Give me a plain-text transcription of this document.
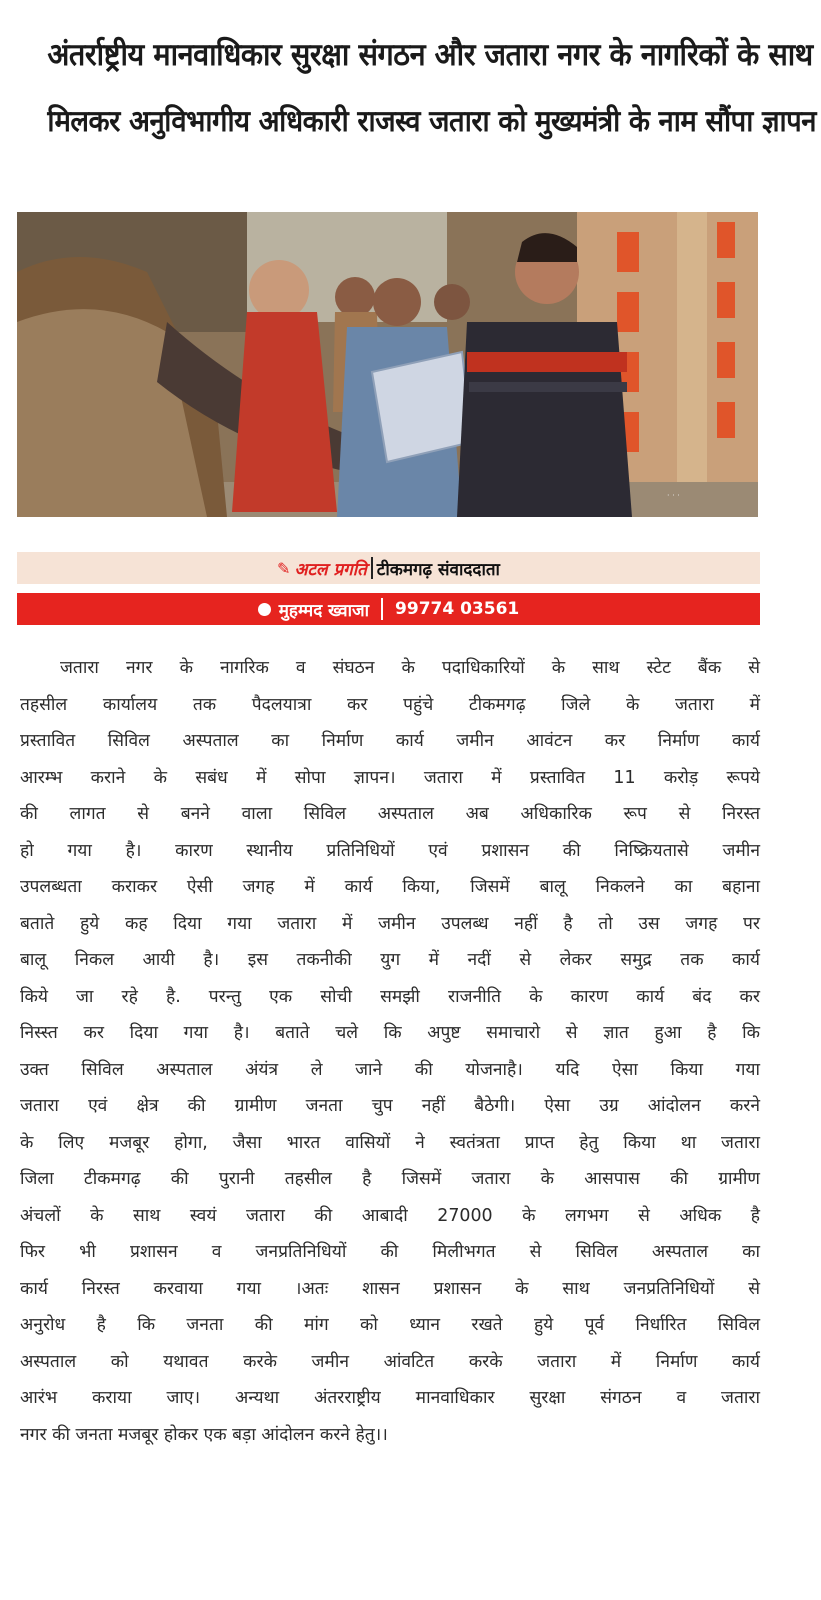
अंतर्राष्ट्रीय मानवाधिकार सुरक्षा संगठन और जतारा नगर के नागरिकों के साथ
मिलकर अनुविभागीय अधिकारी राजस्व जतारा को मुख्यमंत्री के नाम सौंपा ज्ञापन
· · ·
✎ अटल प्रगति टीकमगढ़ संवाददाता
मुहम्मद ख्वाजा 99774 03561
जतारा नगर के नागरिक व संघठन के पदाधिकारियों के साथ स्टेट बैंक से
तहसील कार्यालय तक पैदलयात्रा कर पहुंचे टीकमगढ़ जिले के जतारा में
प्रस्तावित सिविल अस्पताल का निर्माण कार्य जमीन आवंटन कर निर्माण कार्य
आरम्भ कराने के सबंध में सोपा ज्ञापन। जतारा में प्रस्तावित 11 करोड़ रूपये
की लागत से बनने वाला सिविल अस्पताल अब अधिकारिक रूप से निरस्त
हो गया है। कारण स्थानीय प्रतिनिधियों एवं प्रशासन की निष्क्रियतासे जमीन
उपलब्धता कराकर ऐसी जगह में कार्य किया, जिसमें बालू निकलने का बहाना
बताते हुये कह दिया गया जतारा में जमीन उपलब्ध नहीं है तो उस जगह पर
बालू निकल आयी है। इस तकनीकी युग में नदीं से लेकर समुद्र तक कार्य
किये जा रहे है. परन्तु एक सोची समझी राजनीति के कारण कार्य बंद कर
निस्स्त कर दिया गया है। बताते चले कि अपुष्ट समाचारो से ज्ञात हुआ है कि
उक्त सिविल अस्पताल अंयंत्र ले जाने की योजनाहै। यदि ऐसा किया गया
जतारा एवं क्षेत्र की ग्रामीण जनता चुप नहीं बैठेगी। ऐसा उग्र आंदोलन करने
के लिए मजबूर होगा, जैसा भारत वासियों ने स्वतंत्रता प्राप्त हेतु किया था जतारा
जिला टीकमगढ़ की पुरानी तहसील है जिसमें जतारा के आसपास की ग्रामीण
अंचलों के साथ स्वयं जतारा की आबादी 27000 के लगभग से अधिक है
फिर भी प्रशासन व जनप्रतिनिधियों की मिलीभगत से सिविल अस्पताल का
कार्य निरस्त करवाया गया ।अतः शासन प्रशासन के साथ जनप्रतिनिधियों से
अनुरोध है कि जनता की मांग को ध्यान रखते हुये पूर्व निर्धारित सिविल
अस्पताल को यथावत करके जमीन आंवटित करके जतारा में निर्माण कार्य
आरंभ कराया जाए। अन्यथा अंतरराष्ट्रीय मानवाधिकार सुरक्षा संगठन व जतारा
नगर की जनता मजबूर होकर एक बड़ा आंदोलन करने हेतु।।
